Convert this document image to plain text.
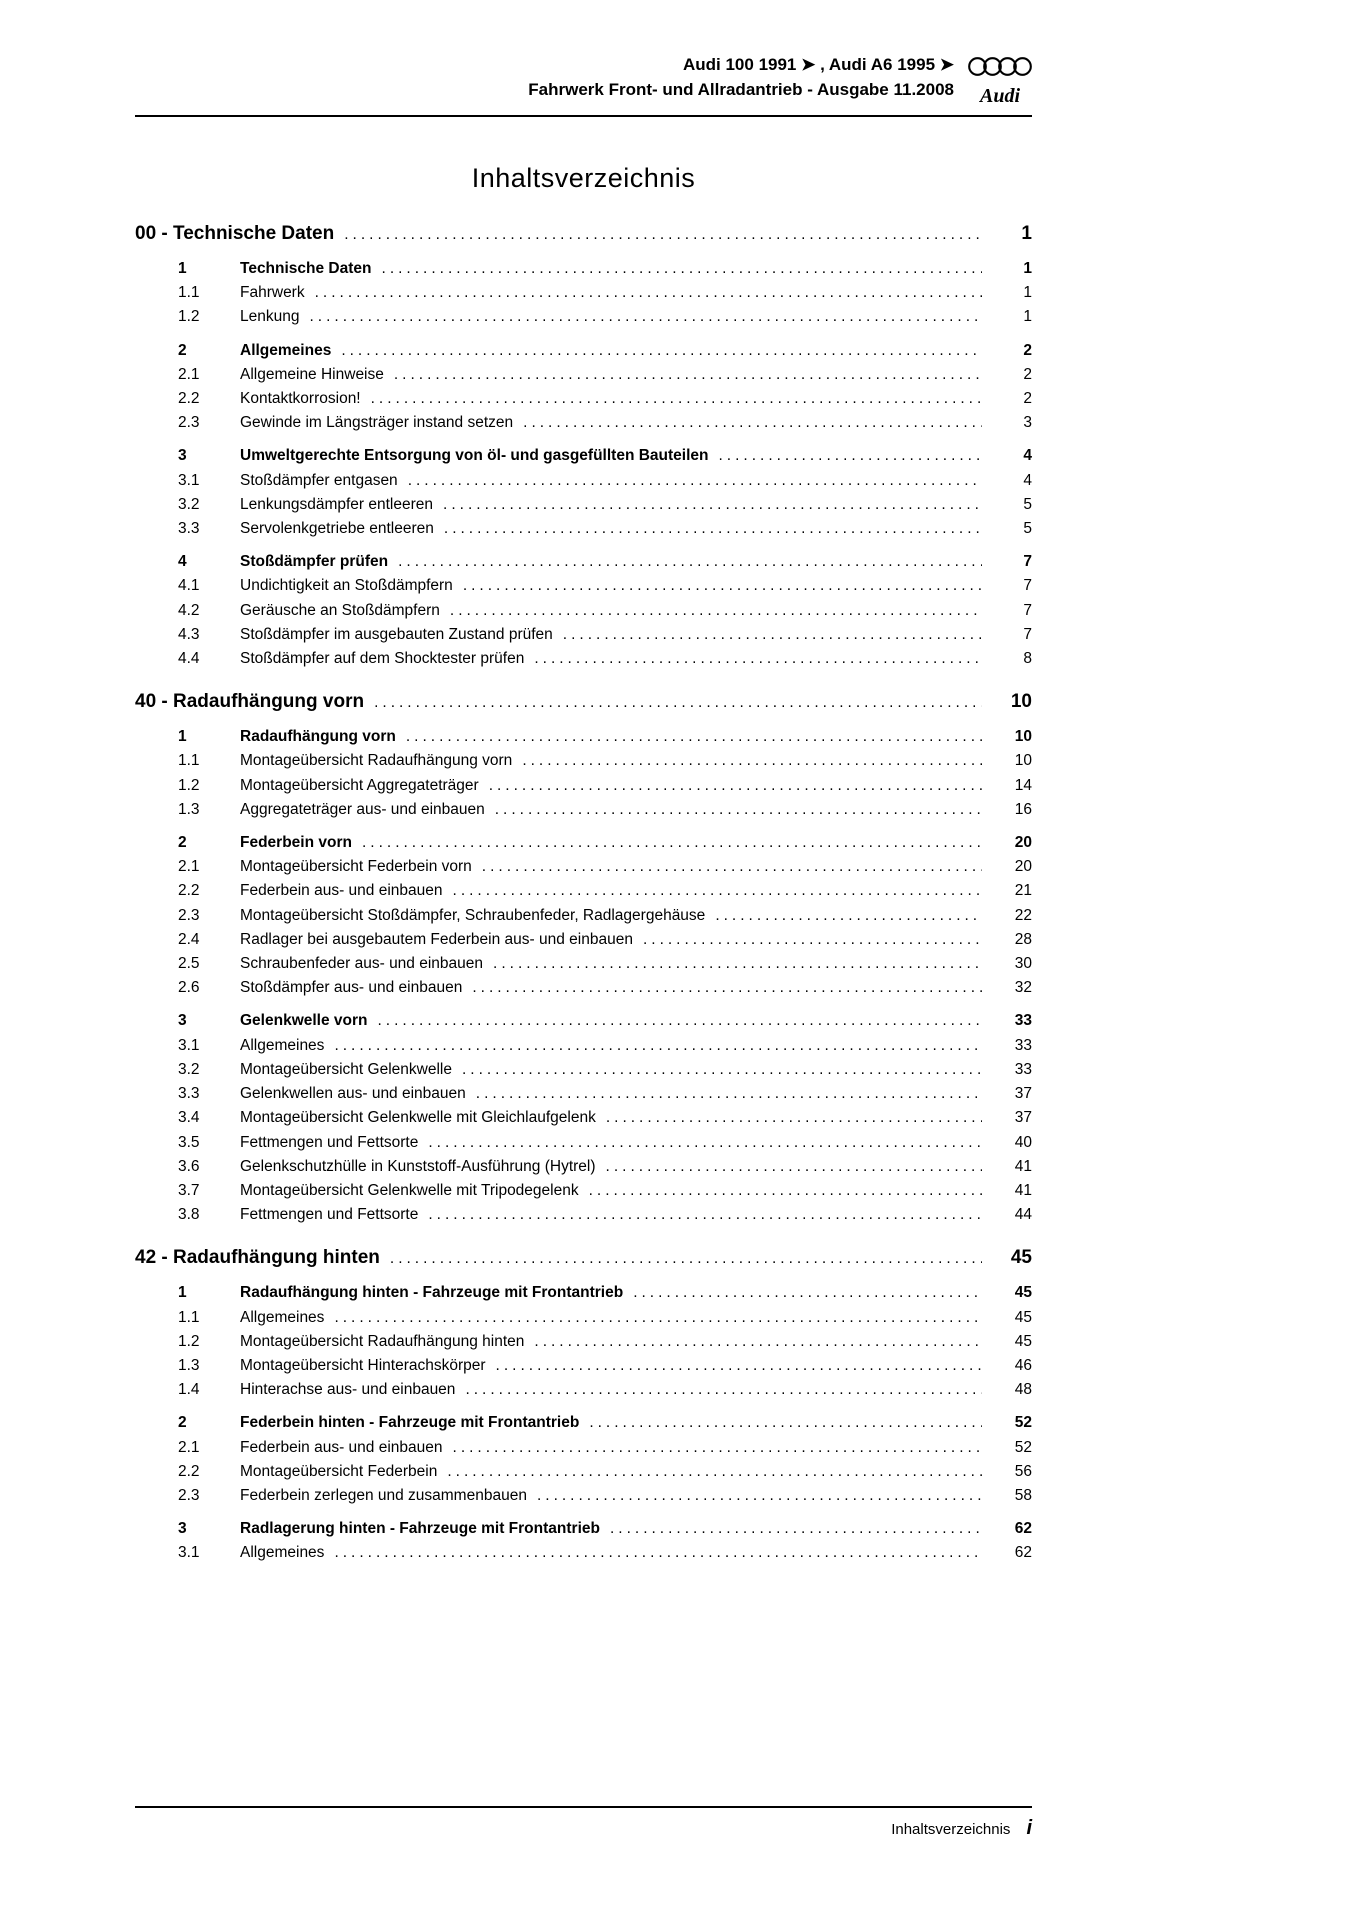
Audi 100 1991 ➤ , Audi A6 1995 ➤
Fahrwerk Front- und Allradantrieb - Ausgabe 11.2008 Audi
Inhaltsverzeichnis
00 - Technische Daten .....	1
1	Technische Daten .....	1
1.1	Fahrwerk .....	1
1.2	Lenkung .....	1
2	Allgemeines .....	2
2.1	Allgemeine Hinweise .....	2
2.2	Kontaktkorrosion! .....	2
2.3	Gewinde im Längsträger instand setzen .....	3
3	Umweltgerechte Entsorgung von öl- und gasgefüllten Bauteilen .....	4
3.1	Stoßdämpfer entgasen .....	4
3.2	Lenkungsdämpfer entleeren .....	5
3.3	Servolenkgetriebe entleeren .....	5
4	Stoßdämpfer prüfen .....	7
4.1	Undichtigkeit an Stoßdämpfern .....	7
4.2	Geräusche an Stoßdämpfern .....	7
4.3	Stoßdämpfer im ausgebauten Zustand prüfen .....	7
4.4	Stoßdämpfer auf dem Shocktester prüfen .....	8
40 - Radaufhängung vorn .....	10
1	Radaufhängung vorn .....	10
1.1	Montageübersicht Radaufhängung vorn .....	10
1.2	Montageübersicht Aggregateträger .....	14
1.3	Aggregateträger aus- und einbauen .....	16
2	Federbein vorn .....	20
2.1	Montageübersicht Federbein vorn .....	20
2.2	Federbein aus- und einbauen .....	21
2.3	Montageübersicht Stoßdämpfer, Schraubenfeder, Radlagergehäuse .....	22
2.4	Radlager bei ausgebautem Federbein aus- und einbauen .....	28
2.5	Schraubenfeder aus- und einbauen .....	30
2.6	Stoßdämpfer aus- und einbauen .....	32
3	Gelenkwelle vorn .....	33
3.1	Allgemeines .....	33
3.2	Montageübersicht Gelenkwelle .....	33
3.3	Gelenkwellen aus- und einbauen .....	37
3.4	Montageübersicht Gelenkwelle mit Gleichlaufgelenk .....	37
3.5	Fettmengen und Fettsorte .....	40
3.6	Gelenkschutzhülle in Kunststoff-Ausführung (Hytrel) .....	41
3.7	Montageübersicht Gelenkwelle mit Tripodegelenk .....	41
3.8	Fettmengen und Fettsorte .....	44
42 - Radaufhängung hinten .....	45
1	Radaufhängung hinten - Fahrzeuge mit Frontantrieb .....	45
1.1	Allgemeines .....	45
1.2	Montageübersicht Radaufhängung hinten .....	45
1.3	Montageübersicht Hinterachskörper .....	46
1.4	Hinterachse aus- und einbauen .....	48
2	Federbein hinten - Fahrzeuge mit Frontantrieb .....	52
2.1	Federbein aus- und einbauen .....	52
2.2	Montageübersicht Federbein .....	56
2.3	Federbein zerlegen und zusammenbauen .....	58
3	Radlagerung hinten - Fahrzeuge mit Frontantrieb .....	62
3.1	Allgemeines .....	62
Inhaltsverzeichnis i
